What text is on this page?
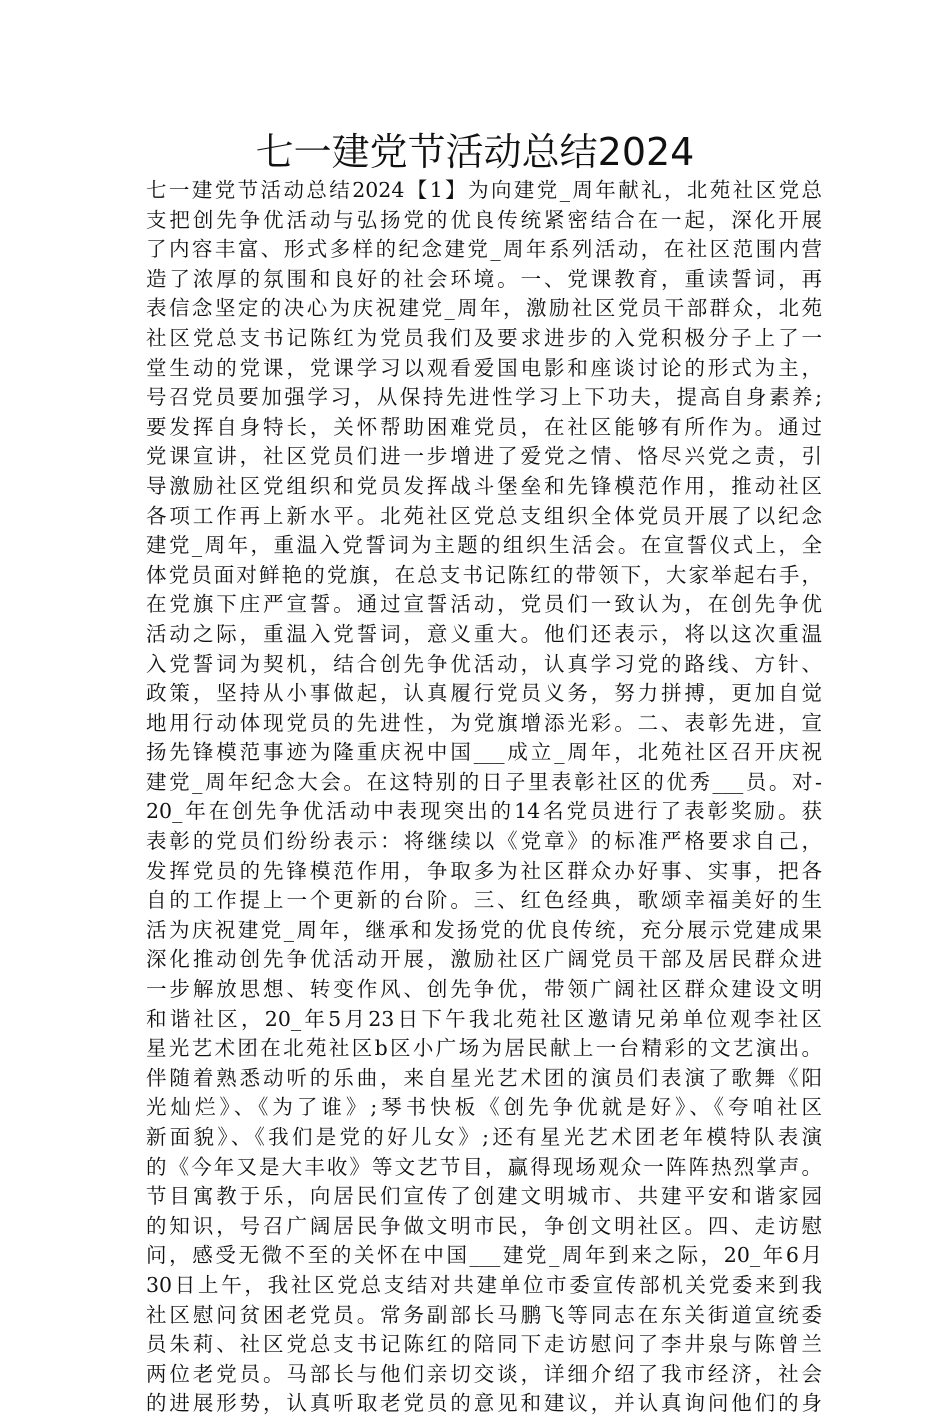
七一建党节活动总结2024
七一建党节活动总结2024【1】为向建党_周年献礼，北苑社区党总
支把创先争优活动与弘扬党的优良传统紧密结合在一起，深化开展
了内容丰富、形式多样的纪念建党_周年系列活动，在社区范围内营
造了浓厚的氛围和良好的社会环境。一、党课教育，重读誓词，再
表信念坚定的决心为庆祝建党_周年，激励社区党员干部群众，北苑
社区党总支书记陈红为党员我们及要求进步的入党积极分子上了一
堂生动的党课，党课学习以观看爱国电影和座谈讨论的形式为主，
号召党员要加强学习，从保持先进性学习上下功夫，提高自身素养;
要发挥自身特长，关怀帮助困难党员，在社区能够有所作为。通过
党课宣讲，社区党员们进一步增进了爱党之情、恪尽兴党之责，引
导激励社区党组织和党员发挥战斗堡垒和先锋模范作用，推动社区
各项工作再上新水平。北苑社区党总支组织全体党员开展了以纪念
建党_周年，重温入党誓词为主题的组织生活会。在宣誓仪式上，全
体党员面对鲜艳的党旗，在总支书记陈红的带领下，大家举起右手，
在党旗下庄严宣誓。通过宣誓活动，党员们一致认为，在创先争优
活动之际，重温入党誓词，意义重大。他们还表示，将以这次重温
入党誓词为契机，结合创先争优活动，认真学习党的路线、方针、
政策，坚持从小事做起，认真履行党员义务，努力拼搏，更加自觉
地用行动体现党员的先进性，为党旗增添光彩。二、表彰先进，宣
扬先锋模范事迹为隆重庆祝中国___成立_周年，北苑社区召开庆祝
建党_周年纪念大会。在这特别的日子里表彰社区的优秀___员。对-
20_年在创先争优活动中表现突出的14名党员进行了表彰奖励。获
表彰的党员们纷纷表示：将继续以《党章》的标准严格要求自己，
发挥党员的先锋模范作用，争取多为社区群众办好事、实事，把各
自的工作提上一个更新的台阶。三、红色经典，歌颂幸福美好的生
活为庆祝建党_周年，继承和发扬党的优良传统，充分展示党建成果
深化推动创先争优活动开展，激励社区广阔党员干部及居民群众进
一步解放思想、转变作风、创先争优，带领广阔社区群众建设文明
和谐社区，20_年5月23日下午我北苑社区邀请兄弟单位观李社区
星光艺术团在北苑社区b区小广场为居民献上一台精彩的文艺演出。
伴随着熟悉动听的乐曲，来自星光艺术团的演员们表演了歌舞《阳
光灿烂》、《为了谁》;琴书快板《创先争优就是好》、《夸咱社区
新面貌》、《我们是党的好儿女》;还有星光艺术团老年模特队表演
的《今年又是大丰收》等文艺节目，赢得现场观众一阵阵热烈掌声。
节目寓教于乐，向居民们宣传了创建文明城市、共建平安和谐家园
的知识，号召广阔居民争做文明市民，争创文明社区。四、走访慰
问，感受无微不至的关怀在中国___建党_周年到来之际，20_年6月
30日上午，我社区党总支结对共建单位市委宣传部机关党委来到我
社区慰问贫困老党员。常务副部长马鹏飞等同志在东关街道宣统委
员朱莉、社区党总支书记陈红的陪同下走访慰问了李井泉与陈曾兰
两位老党员。马部长与他们亲切交谈，详细介绍了我市经济，社会
的进展形势，认真听取老党员的意见和建议，并认真询问他们的身
